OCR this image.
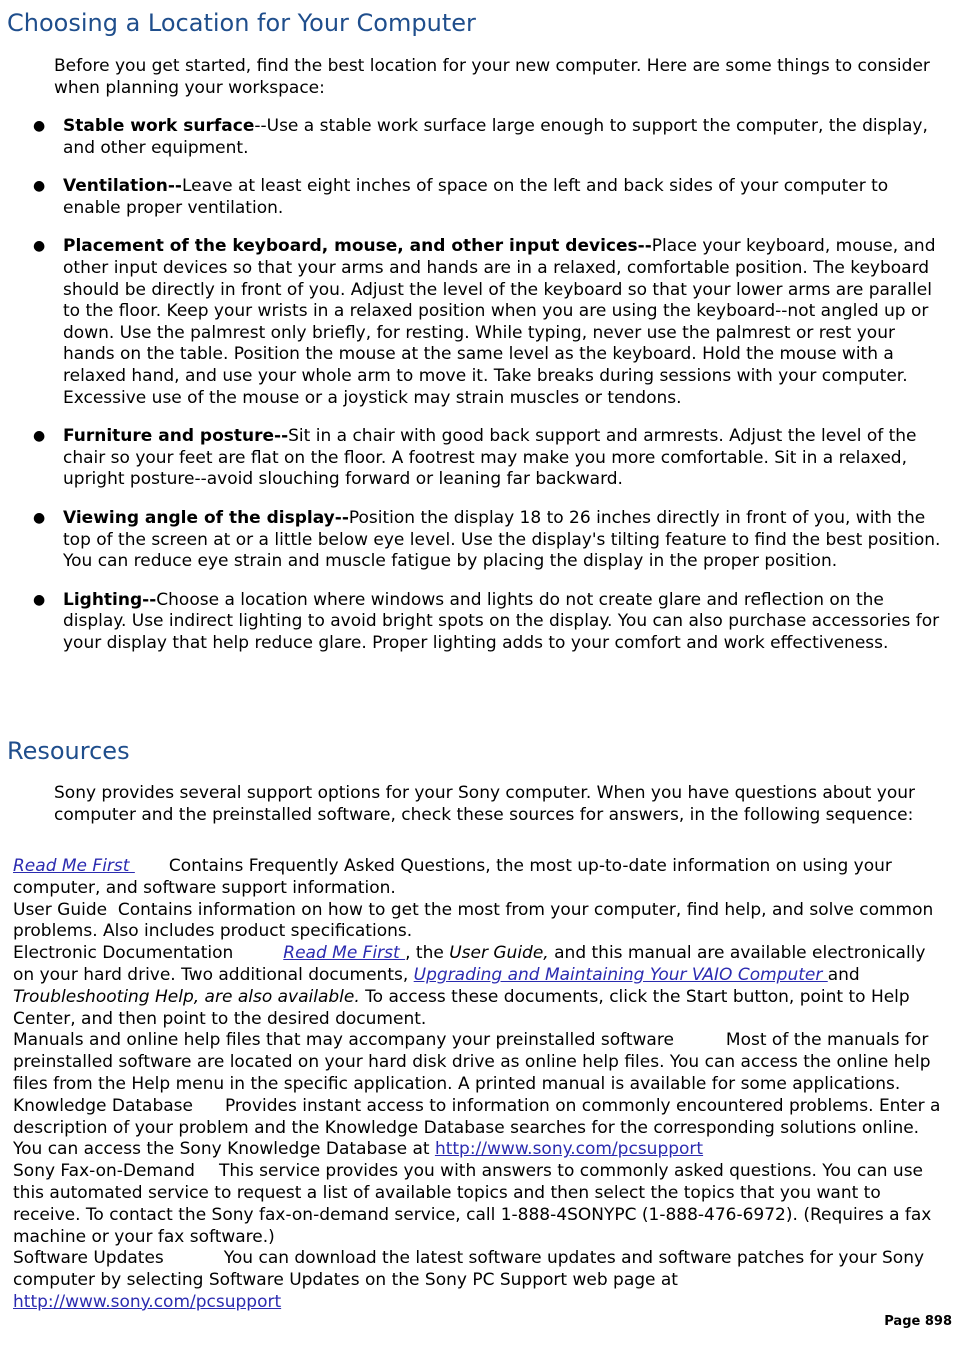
Choosing a Location for Your Computer

Before you get started, find the best location for your new computer. Here are some things to consider when planning your workspace:

● Stable work surface--Use a stable work surface large enough to support the computer, the display, and other equipment.
● Ventilation--Leave at least eight inches of space on the left and back sides of your computer to enable proper ventilation.
● Placement of the keyboard, mouse, and other input devices--Place your keyboard, mouse, and other input devices so that your arms and hands are in a relaxed, comfortable position. The keyboard should be directly in front of you. Adjust the level of the keyboard so that your lower arms are parallel to the floor. Keep your wrists in a relaxed position when you are using the keyboard--not angled up or down. Use the palmrest only briefly, for resting. While typing, never use the palmrest or rest your hands on the table. Position the mouse at the same level as the keyboard. Hold the mouse with a relaxed hand, and use your whole arm to move it. Take breaks during sessions with your computer. Excessive use of the mouse or a joystick may strain muscles or tendons.
● Furniture and posture--Sit in a chair with good back support and armrests. Adjust the level of the chair so your feet are flat on the floor. A footrest may make you more comfortable. Sit in a relaxed, upright posture--avoid slouching forward or leaning far backward.
● Viewing angle of the display--Position the display 18 to 26 inches directly in front of you, with the top of the screen at or a little below eye level. Use the display's tilting feature to find the best position. You can reduce eye strain and muscle fatigue by placing the display in the proper position.
● Lighting--Choose a location where windows and lights do not create glare and reflection on the display. Use indirect lighting to avoid bright spots on the display. You can also purchase accessories for your display that help reduce glare. Proper lighting adds to your comfort and work effectiveness.
Resources

Sony provides several support options for your Sony computer. When you have questions about your computer and the preinstalled software, check these sources for answers, in the following sequence:

Read Me First Contains Frequently Asked Questions, the most up-to-date information on using your computer, and software support information.
User Guide Contains information on how to get the most from your computer, find help, and solve common problems. Also includes product specifications.
Electronic Documentation	Read Me First , the User Guide, and this manual are available electronically on your hard drive. Two additional documents, Upgrading and Maintaining Your VAIO Computer and Troubleshooting Help, are also available. To access these documents, click the Start button, point to Help Center, and then point to the desired document.
Manuals and online help files that may accompany your preinstalled software	Most of the manuals for preinstalled software are located on your hard disk drive as online help files. You can access the online help files from the Help menu in the specific application. A printed manual is available for some applications.
Knowledge Database Provides instant access to information on commonly encountered problems. Enter a description of your problem and the Knowledge Database searches for the corresponding solutions online. You can access the Sony Knowledge Database at http://www.sony.com/pcsupport
Sony Fax-on-Demand This service provides you with answers to commonly asked questions. You can use this automated service to request a list of available topics and then select the topics that you want to receive. To contact the Sony fax-on-demand service, call 1-888-4SONYPC (1-888-476-6972). (Requires a fax machine or your fax software.)
Software Updates	You can download the latest software updates and software patches for your Sony computer by selecting Software Updates on the Sony PC Support web page at http://www.sony.com/pcsupport
Page 898
